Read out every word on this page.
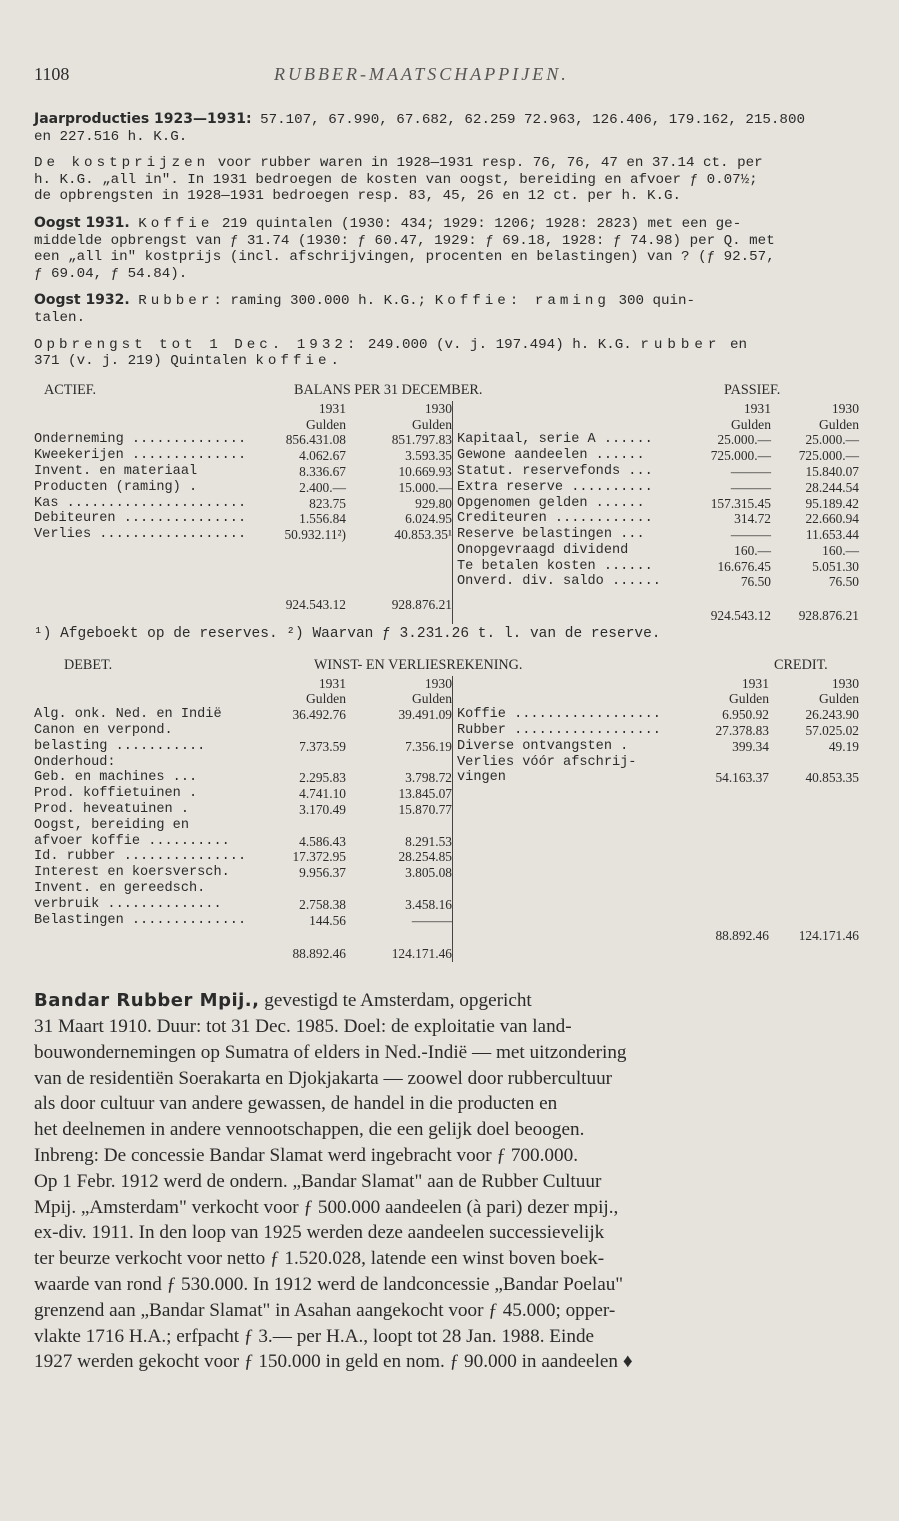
1108	RUBBER-MAATSCHAPPIJEN.
Jaarproducties 1923—1931: 57.107, 67.990, 67.682, 62.259 72.963, 126.406, 179.162, 215.800
en 227.516 h. K.G.
De kostprijzen voor rubber waren in 1928—1931 resp. 76, 76, 47 en 37.14 ct. per
h. K.G. „all in". In 1931 bedroegen de kosten van oogst, bereiding en afvoer ƒ 0.07½;
de opbrengsten in 1928—1931 bedroegen resp. 83, 45, 26 en 12 ct. per h. K.G.
Oogst 1931. Koffie 219 quintalen (1930: 434; 1929: 1206; 1928: 2823) met een ge-
middelde opbrengst van ƒ 31.74 (1930: ƒ 60.47, 1929: ƒ 69.18, 1928: ƒ 74.98) per Q. met
een „all in" kostprijs (incl. afschrijvingen, procenten en belastingen) van ? (ƒ 92.57,
ƒ 69.04, ƒ 54.84).
Oogst 1932. Rubber: raming 300.000 h. K.G.; Koffie: raming 300 quin-
talen.
Opbrengst tot 1 Dec. 1932: 249.000 (v. j. 197.494) h. K.G. rubber en
371 (v. j. 219) Quintalen koffie.
ACTIEF.	BALANS PER 31 DECEMBER.	PASSIEF.
1931	1930
Gulden	Gulden
Onderneming ..............	856.431.08	851.797.83
Kweekerijen ..............	4.062.67	3.593.35
Invent. en materiaal	8.336.67	10.669.93
Producten (raming) .	2.400.—	15.000.—
Kas ......................	823.75	929.80
Debiteuren ...............	1.556.84	6.024.95
Verlies ..................	50.932.11²)	40.853.35¹
924.543.12	928.876.21
1931	1930
Gulden	Gulden
Kapitaal, serie A ......	25.000.—	25.000.—
Gewone aandeelen ......	725.000.—	725.000.—
Statut. reservefonds ...	———	15.840.07
Extra reserve ..........	———	28.244.54
Opgenomen gelden ......	157.315.45	95.189.42
Crediteuren ............	314.72	22.660.94
Reserve belastingen ...	———	11.653.44
Onopgevraagd dividend	160.—	160.—
Te betalen kosten ......	16.676.45	5.051.30
Onverd. div. saldo ......	76.50	76.50
924.543.12	928.876.21
¹) Afgeboekt op de reserves. ²) Waarvan ƒ 3.231.26 t. l. van de reserve.
DEBET.	WINST- EN VERLIESREKENING.	CREDIT.
1931	1930
Gulden	Gulden
Alg. onk. Ned. en Indië	36.492.76	39.491.09
Canon en verpond.
belasting ...........	7.373.59	7.356.19
Onderhoud:
Geb. en machines ...	2.295.83	3.798.72
Prod. koffietuinen .	4.741.10	13.845.07
Prod. heveatuinen .	3.170.49	15.870.77
Oogst, bereiding en
afvoer koffie ..........	4.586.43	8.291.53
Id. rubber ...............	17.372.95	28.254.85
Interest en koersversch.	9.956.37	3.805.08
Invent. en gereedsch.
verbruik ..............	2.758.38	3.458.16
Belastingen ..............	144.56	———
88.892.46	124.171.46
1931	1930
Gulden	Gulden
Koffie ..................	6.950.92	26.243.90
Rubber ..................	27.378.83	57.025.02
Diverse ontvangsten .	399.34	49.19
Verlies vóór afschrij-
vingen	54.163.37	40.853.35
88.892.46	124.171.46
Bandar Rubber Mpij., gevestigd te Amsterdam, opgericht
31 Maart 1910. Duur: tot 31 Dec. 1985. Doel: de exploitatie van land-
bouwondernemingen op Sumatra of elders in Ned.-Indië — met uitzondering
van de residentiën Soerakarta en Djokjakarta — zoowel door rubbercultuur
als door cultuur van andere gewassen, de handel in die producten en
het deelnemen in andere vennootschappen, die een gelijk doel beoogen.
Inbreng: De concessie Bandar Slamat werd ingebracht voor ƒ 700.000.
Op 1 Febr. 1912 werd de ondern. „Bandar Slamat" aan de Rubber Cultuur
Mpij. „Amsterdam" verkocht voor ƒ 500.000 aandeelen (à pari) dezer mpij.,
ex-div. 1911. In den loop van 1925 werden deze aandeelen successievelijk
ter beurze verkocht voor netto ƒ 1.520.028, latende een winst boven boek-
waarde van rond ƒ 530.000. In 1912 werd de landconcessie „Bandar Poelau"
grenzend aan „Bandar Slamat" in Asahan aangekocht voor ƒ 45.000; opper-
vlakte 1716 H.A.; erfpacht ƒ 3.— per H.A., loopt tot 28 Jan. 1988. Einde
1927 werden gekocht voor ƒ 150.000 in geld en nom. ƒ 90.000 in aandeelen ♦
